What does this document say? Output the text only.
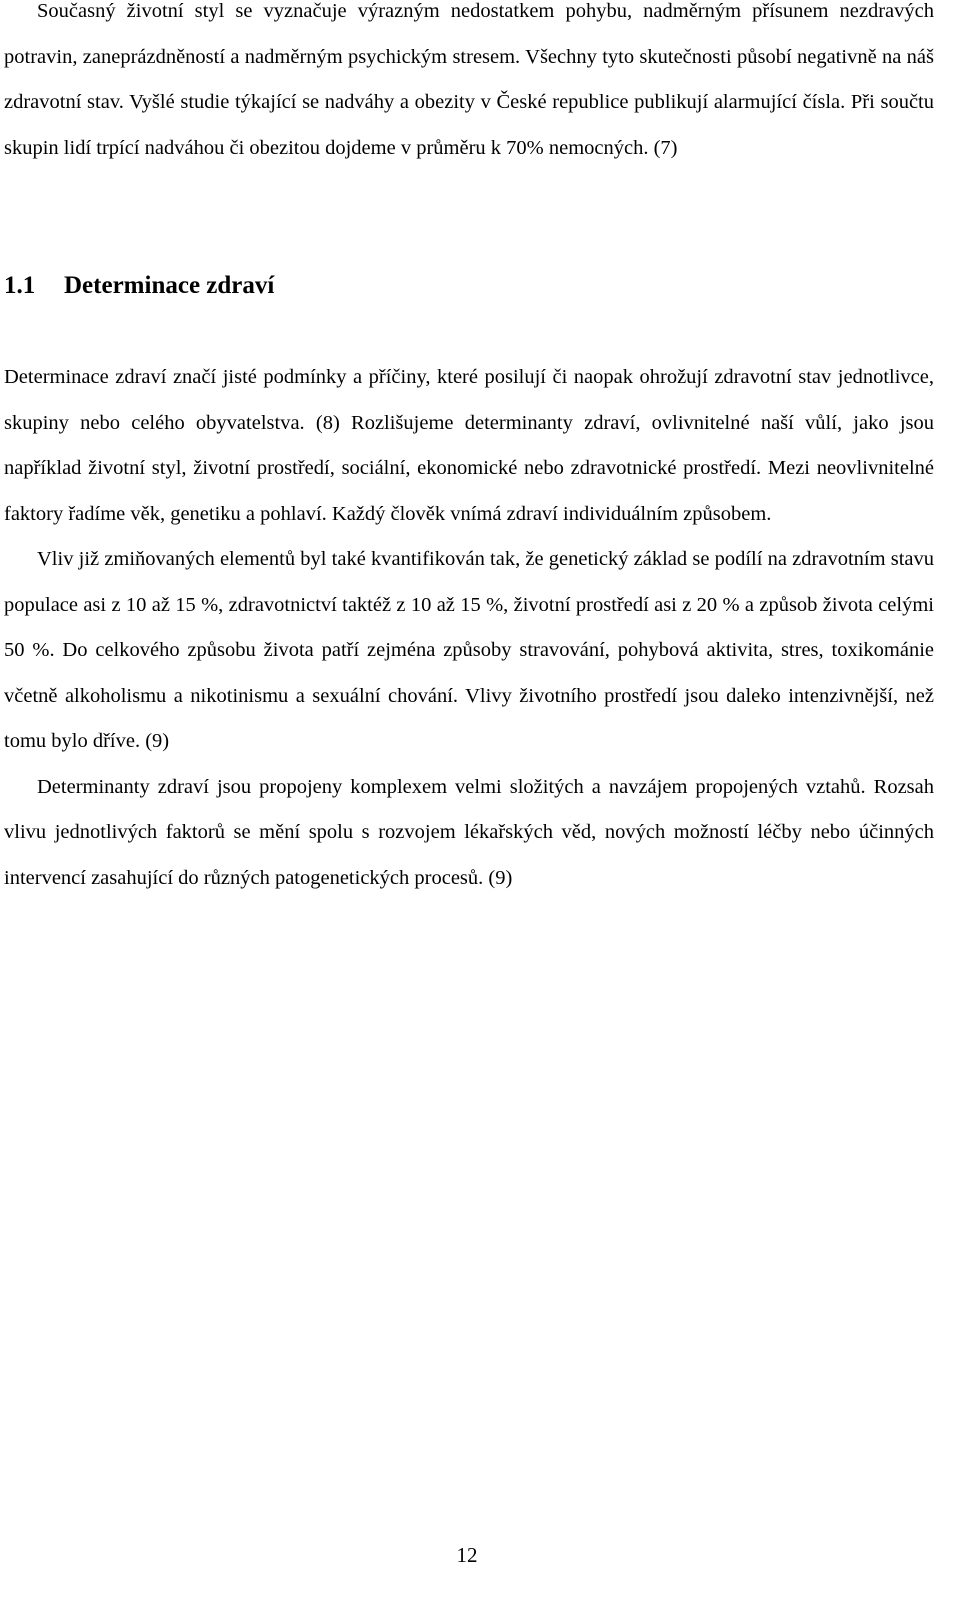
Současný životní styl se vyznačuje výrazným nedostatkem pohybu, nadměrným přísunem nezdravých potravin, zaneprázdněností a nadměrným psychickým stresem. Všechny tyto skutečnosti působí negativně na náš zdravotní stav. Vyšlé studie týkající se nadváhy a obezity v České republice publikují alarmující čísla. Při součtu skupin lidí trpící nadváhou či obezitou dojdeme v průměru k 70% nemocných. (7)

1.1 Determinace zdraví

Determinace zdraví značí jisté podmínky a příčiny, které posilují či naopak ohrožují zdravotní stav jednotlivce, skupiny nebo celého obyvatelstva. (8) Rozlišujeme determinanty zdraví, ovlivnitelné naší vůlí, jako jsou například životní styl, životní prostředí, sociální, ekonomické nebo zdravotnické prostředí. Mezi neovlivnitelné faktory řadíme věk, genetiku a pohlaví. Každý člověk vnímá zdraví individuálním způsobem.

Vliv již zmiňovaných elementů byl také kvantifikován tak, že genetický základ se podílí na zdravotním stavu populace asi z 10 až 15 %, zdravotnictví taktéž z 10 až 15 %, životní prostředí asi z 20 % a způsob života celými 50 %. Do celkového způsobu života patří zejména způsoby stravování, pohybová aktivita, stres, toxikománie včetně alkoholismu a nikotinismu a sexuální chování. Vlivy životního prostředí jsou daleko intenzivnější, než tomu bylo dříve. (9)

Determinanty zdraví jsou propojeny komplexem velmi složitých a navzájem propojených vztahů. Rozsah vlivu jednotlivých faktorů se mění spolu s rozvojem lékařských věd, nových možností léčby nebo účinných intervencí zasahující do různých patogenetických procesů. (9)

12
